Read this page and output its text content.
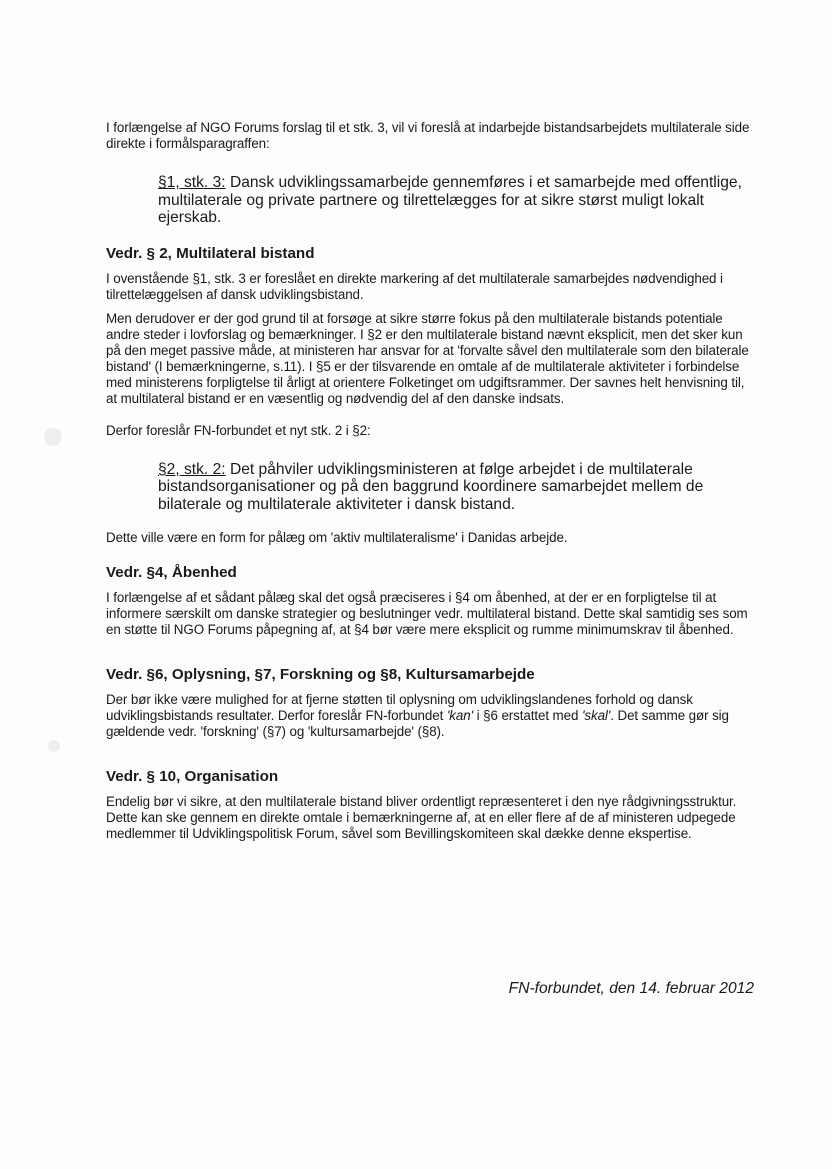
I forlængelse af NGO Forums forslag til et stk. 3, vil vi foreslå at indarbejde bistandsarbejdets multilaterale side direkte i formålsparagraffen:

§1, stk. 3: Dansk udviklingssamarbejde gennemføres i et samarbejde med offentlige, multilaterale og private partnere og tilrettelægges for at sikre størst muligt lokalt ejerskab.

Vedr. § 2, Multilateral bistand

I ovenstående §1, stk. 3 er foreslået en direkte markering af det multilaterale samarbejdes nødvendighed i tilrettelæggelsen af dansk udviklingsbistand.

Men derudover er der god grund til at forsøge at sikre større fokus på den multilaterale bistands potentiale andre steder i lovforslag og bemærkninger. I §2 er den multilaterale bistand nævnt eksplicit, men det sker kun på den meget passive måde, at ministeren har ansvar for at 'forvalte såvel den multilaterale som den bilaterale bistand' (I bemærkningerne, s.11). I §5 er der tilsvarende en omtale af de multilaterale aktiviteter i forbindelse med ministerens forpligtelse til årligt at orientere Folketinget om udgiftsrammer. Der savnes helt henvisning til, at multilateral bistand er en væsentlig og nødvendig del af den danske indsats.

Derfor foreslår FN-forbundet et nyt stk. 2 i §2:

§2, stk. 2: Det påhviler udviklingsministeren at følge arbejdet i de multilaterale bistandsorganisationer og på den baggrund koordinere samarbejdet mellem de bilaterale og multilaterale aktiviteter i dansk bistand.

Dette ville være en form for pålæg om 'aktiv multilateralisme' i Danidas arbejde.

Vedr. §4, Åbenhed

I forlængelse af et sådant pålæg skal det også præciseres i §4 om åbenhed, at der er en forpligtelse til at informere særskilt om danske strategier og beslutninger vedr. multilateral bistand. Dette skal samtidig ses som en støtte til NGO Forums påpegning af, at §4 bør være mere eksplicit og rumme minimumskrav til åbenhed.

Vedr. §6, Oplysning, §7, Forskning og §8, Kultursamarbejde

Der bør ikke være mulighed for at fjerne støtten til oplysning om udviklingslandenes forhold og dansk udviklingsbistands resultater. Derfor foreslår FN-forbundet 'kan' i §6 erstattet med 'skal'. Det samme gør sig gældende vedr. 'forskning' (§7) og 'kultursamarbejde' (§8).

Vedr. § 10, Organisation

Endelig bør vi sikre, at den multilaterale bistand bliver ordentligt repræsenteret i den nye rådgivningsstruktur. Dette kan ske gennem en direkte omtale i bemærkningerne af, at en eller flere af de af ministeren udpegede medlemmer til Udviklingspolitisk Forum, såvel som Bevillingskomiteen skal dække denne ekspertise.

FN-forbundet, den 14. februar 2012
